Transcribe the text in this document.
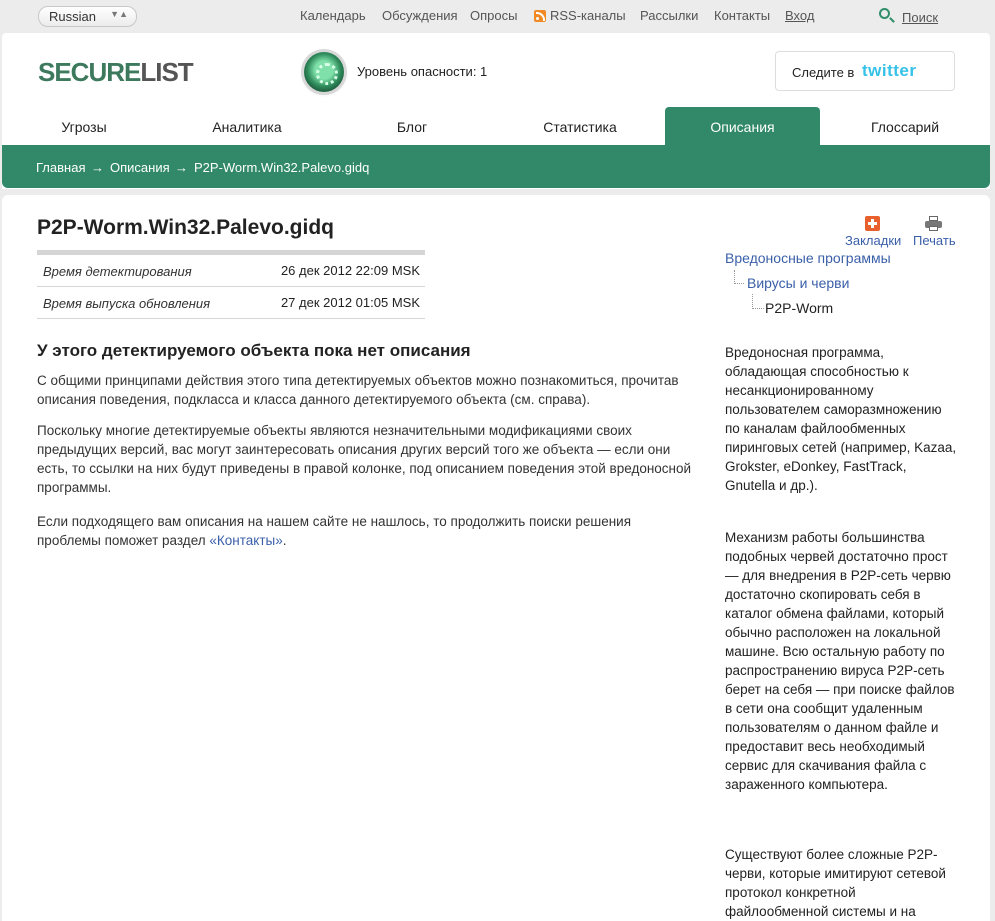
Russian ▼▲	Календарь Обсуждения Опросы	RSS-каналы Рассылки Контакты Вход	Поиск
SECURELIST	Уровень опасности: 1	Следите в twitter
Угрозы	Аналитика	Блог	Статистика	Описания	Глоссарий
Главная → Описания → P2P-Worm.Win32.Palevo.gidq
P2P-Worm.Win32.Palevo.gidq
Время детектирования	26 дек 2012 22:09 MSK
Время выпуска обновления	27 дек 2012 01:05 MSK
У этого детектируемого объекта пока нет описания

С общими принципами действия этого типа детектируемых объектов можно познакомиться, прочитав описания поведения, подкласса и класса данного детектируемого объекта (см. справа).

Поскольку многие детектируемые объекты являются незначительными модификациями своих предыдущих версий, вас могут заинтересовать описания других версий того же объекта — если они есть, то ссылки на них будут приведены в правой колонке, под описанием поведения этой вредоносной программы.

Если подходящего вам описания на нашем сайте не нашлось, то продолжить поиски решения проблемы поможет раздел «Контакты».

Закладки Печать
Вредоносные программы
Вирусы и черви
P2P-Worm

Вредоносная программа, обладающая способностью к несанкционированному пользователем саморазмножению по каналам файлообменных пиринговых сетей (например, Kazaa, Grokster, eDonkey, FastTrack, Gnutella и др.).

Механизм работы большинства подобных червей достаточно прост — для внедрения в P2P-сеть червю достаточно скопировать себя в каталог обмена файлами, который обычно расположен на локальной машине. Всю остальную работу по распространению вируса P2P-сеть берет на себя — при поиске файлов в сети она сообщит удаленным пользователям о данном файле и предоставит весь необходимый сервис для скачивания файла с зараженного компьютера.

Существуют более сложные P2P-черви, которые имитируют сетевой протокол конкретной файлообменной системы и на
